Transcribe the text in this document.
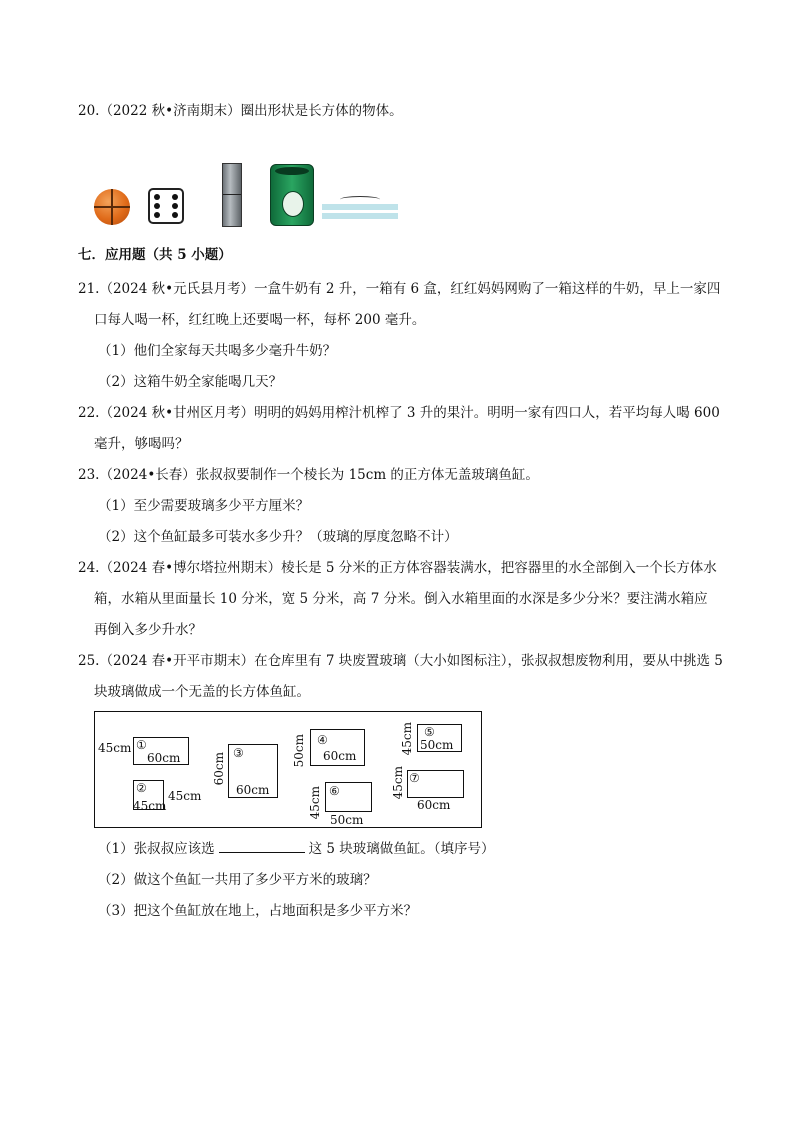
20.（2022 秋•济南期末）圈出形状是长方体的物体。
七．应用题（共 5 小题）
21.（2024 秋•元氏县月考）一盒牛奶有 2 升，一箱有 6 盒，红红妈妈网购了一箱这样的牛奶，早上一家四
口每人喝一杯，红红晚上还要喝一杯，每杯 200 毫升。
（1）他们全家每天共喝多少毫升牛奶？
（2）这箱牛奶全家能喝几天？
22.（2024 秋•甘州区月考）明明的妈妈用榨汁机榨了 3 升的果汁。明明一家有四口人，若平均每人喝 600
毫升，够喝吗？
23.（2024•长春）张叔叔要制作一个棱长为 15cm 的正方体无盖玻璃鱼缸。
（1）至少需要玻璃多少平方厘米？
（2）这个鱼缸最多可装水多少升？（玻璃的厚度忽略不计）
24.（2024 春•博尔塔拉州期末）棱长是 5 分米的正方体容器装满水，把容器里的水全部倒入一个长方体水
箱，水箱从里面量长 10 分米，宽 5 分米，高 7 分米。倒入水箱里面的水深是多少分米？要注满水箱应
再倒入多少升水？
25.（2024 春•开平市期末）在仓库里有 7 块废置玻璃（大小如图标注），张叔叔想废物利用，要从中挑选 5
块玻璃做成一个无盖的长方体鱼缸。
45cm ①
60cm
②
45cm
45cm
60cm ③
60cm
50cm ④
60cm
45cm ⑤
50cm
45cm ⑥
50cm
45cm ⑦
60cm
（1）张叔叔应该选	这 5 块玻璃做鱼缸。（填序号）
（2）做这个鱼缸一共用了多少平方米的玻璃？
（3）把这个鱼缸放在地上，占地面积是多少平方米？
